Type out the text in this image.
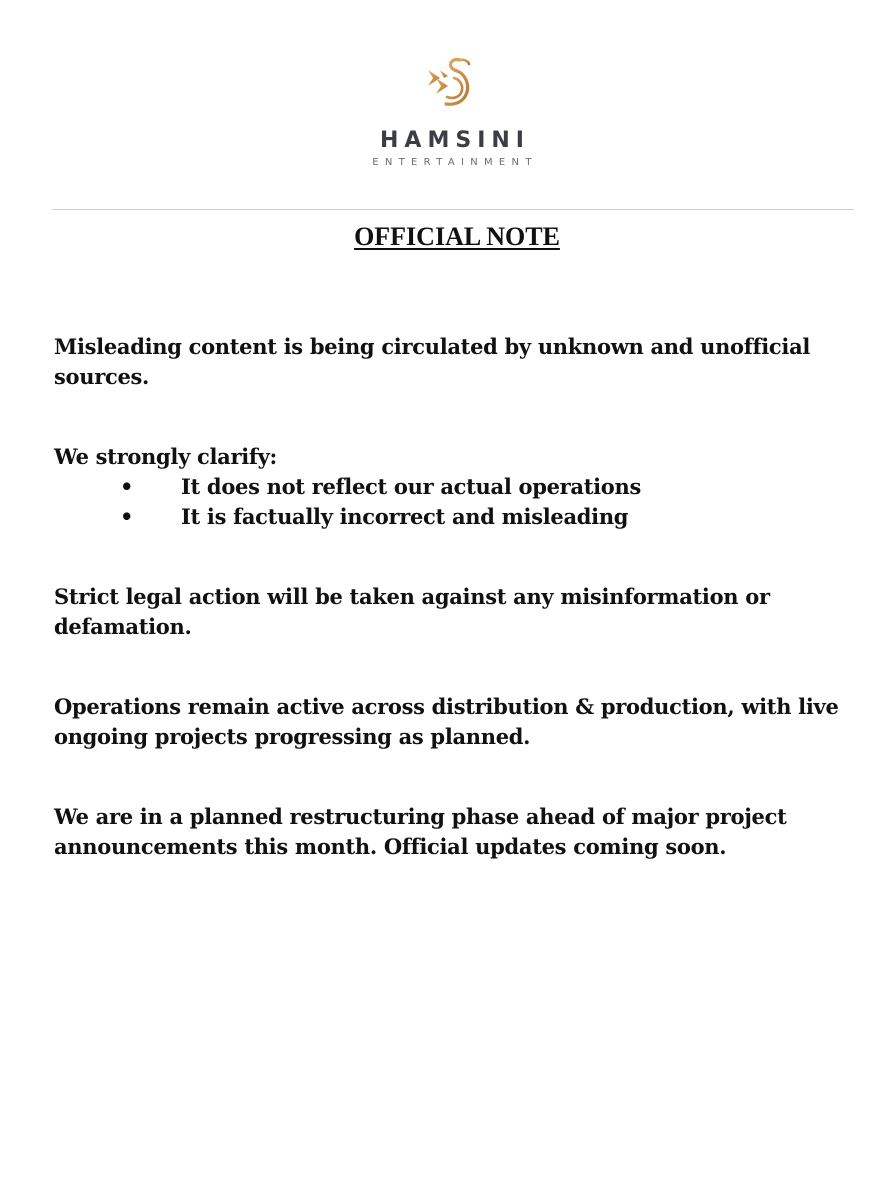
HAMSINI
ENTERTAINMENT
OFFICIAL NOTE

Misleading content is being circulated by unknown and unofficial sources.

We strongly clarify:
• It does not reflect our actual operations
• It is factually incorrect and misleading

Strict legal action will be taken against any misinformation or defamation.

Operations remain active across distribution & production, with live ongoing projects progressing as planned.

We are in a planned restructuring phase ahead of major project announcements this month. Official updates coming soon.
